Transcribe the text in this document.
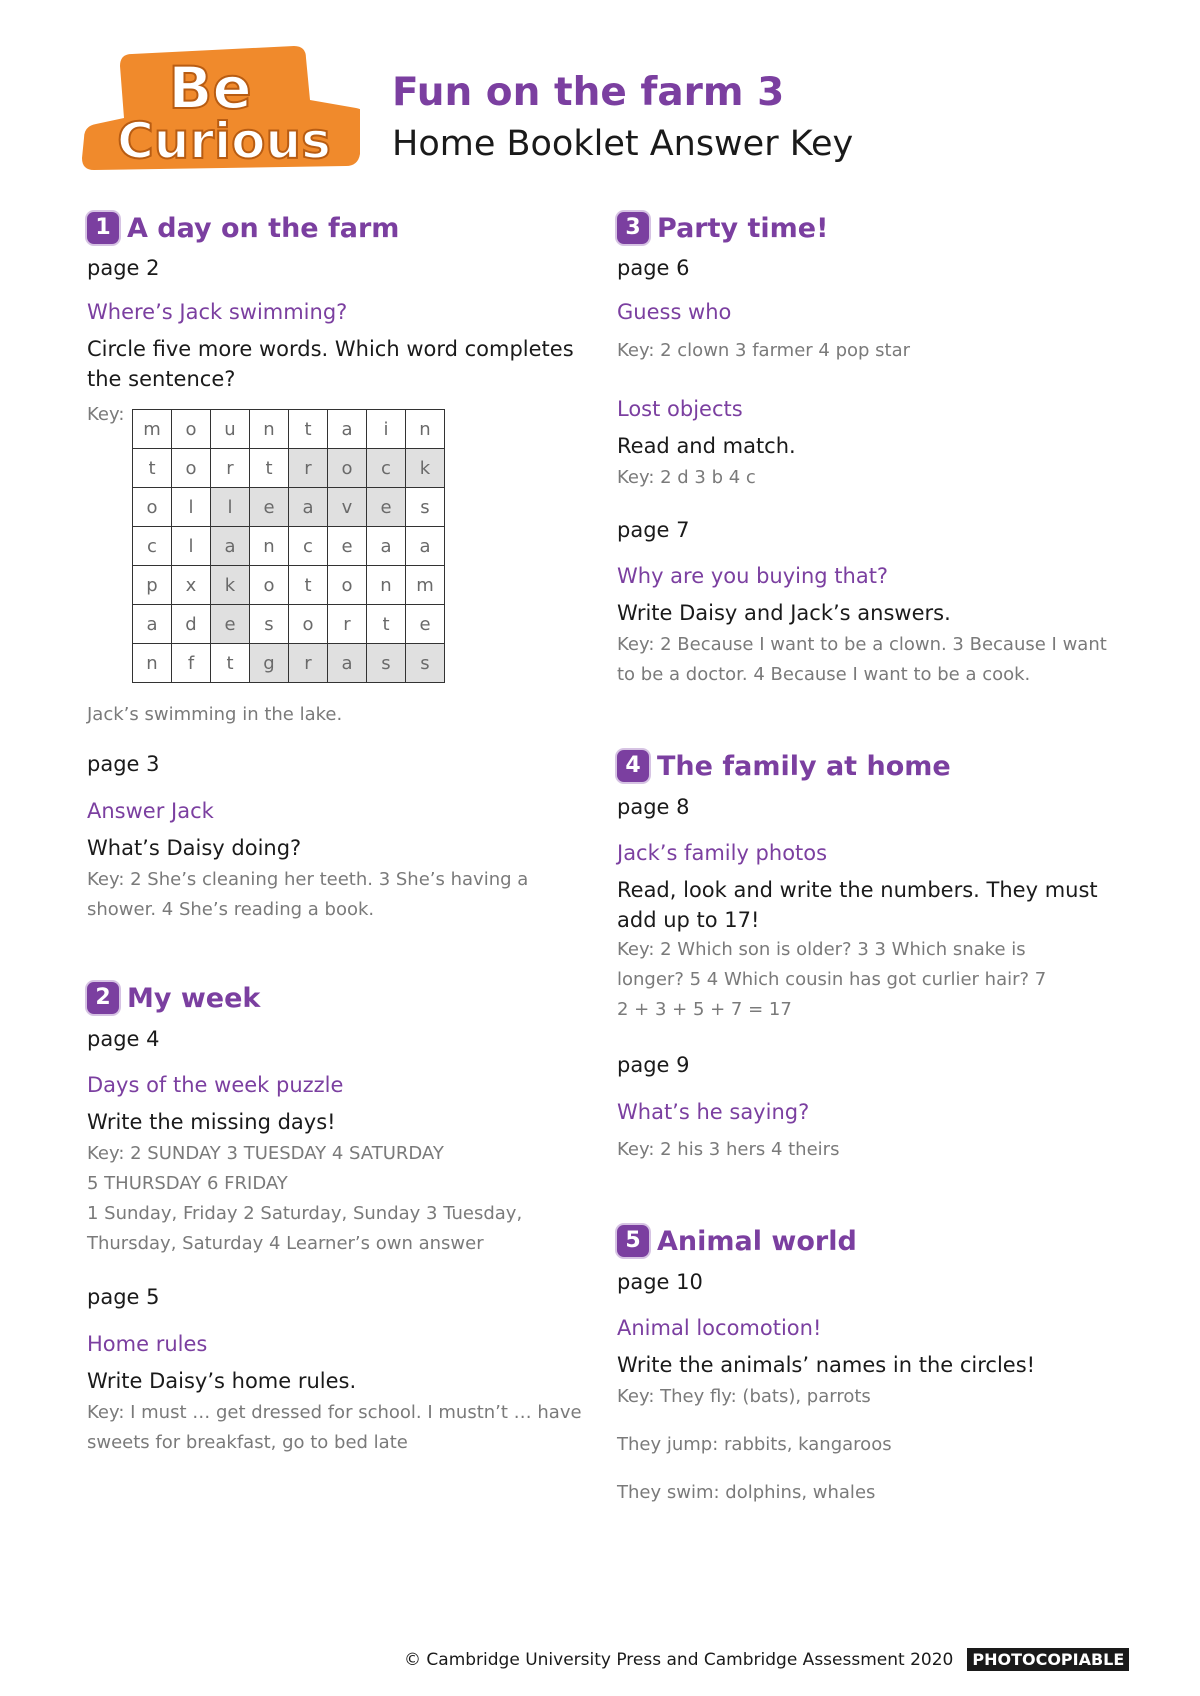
Be
Curious
Fun on the farm 3
Home Booklet Answer Key
1 A day on the farm
page 2
Where’s Jack swimming?
Circle five more words. Which word completes the sentence?
Key:
Jack’s swimming in the lake.
page 3
Answer Jack
What’s Daisy doing?
Key: 2 She’s cleaning her teeth. 3 She’s having a shower. 4 She’s reading a book.
2 My week
page 4
Days of the week puzzle
Write the missing days!
Key: 2 SUNDAY 3 TUESDAY 4 SATURDAY
5 THURSDAY 6 FRIDAY
1 Sunday, Friday 2 Saturday, Sunday 3 Tuesday, Thursday, Saturday 4 Learner’s own answer
page 5
Home rules
Write Daisy’s home rules.
Key: I must … get dressed for school. I mustn’t … have sweets for breakfast, go to bed late
m	o	u	n	t	a	i	n
t	o	r	t	r	o	c	k
o	l	l	e	a	v	e	s
c	l	a	n	c	e	a	a
p	x	k	o	t	o	n	m
a	d	e	s	o	r	t	e
n	f	t	g	r	a	s	s
3 Party time!
page 6
Guess who
Key: 2 clown 3 farmer 4 pop star
Lost objects
Read and match.
Key: 2 d 3 b 4 c
page 7
Why are you buying that?
Write Daisy and Jack’s answers.
Key: 2 Because I want to be a clown. 3 Because I want to be a doctor. 4 Because I want to be a cook.
4 The family at home
page 8
Jack’s family photos
Read, look and write the numbers. They must add up to 17!
Key: 2 Which son is older? 3 3 Which snake is longer? 5 4 Which cousin has got curlier hair? 7
2 + 3 + 5 + 7 = 17
page 9
What’s he saying?
Key: 2 his 3 hers 4 theirs
5 Animal world
page 10
Animal locomotion!
Write the animals’ names in the circles!
Key: They fly: (bats), parrots
They jump: rabbits, kangaroos
They swim: dolphins, whales
© Cambridge University Press and Cambridge Assessment 2020	PHOTOCOPIABLE
